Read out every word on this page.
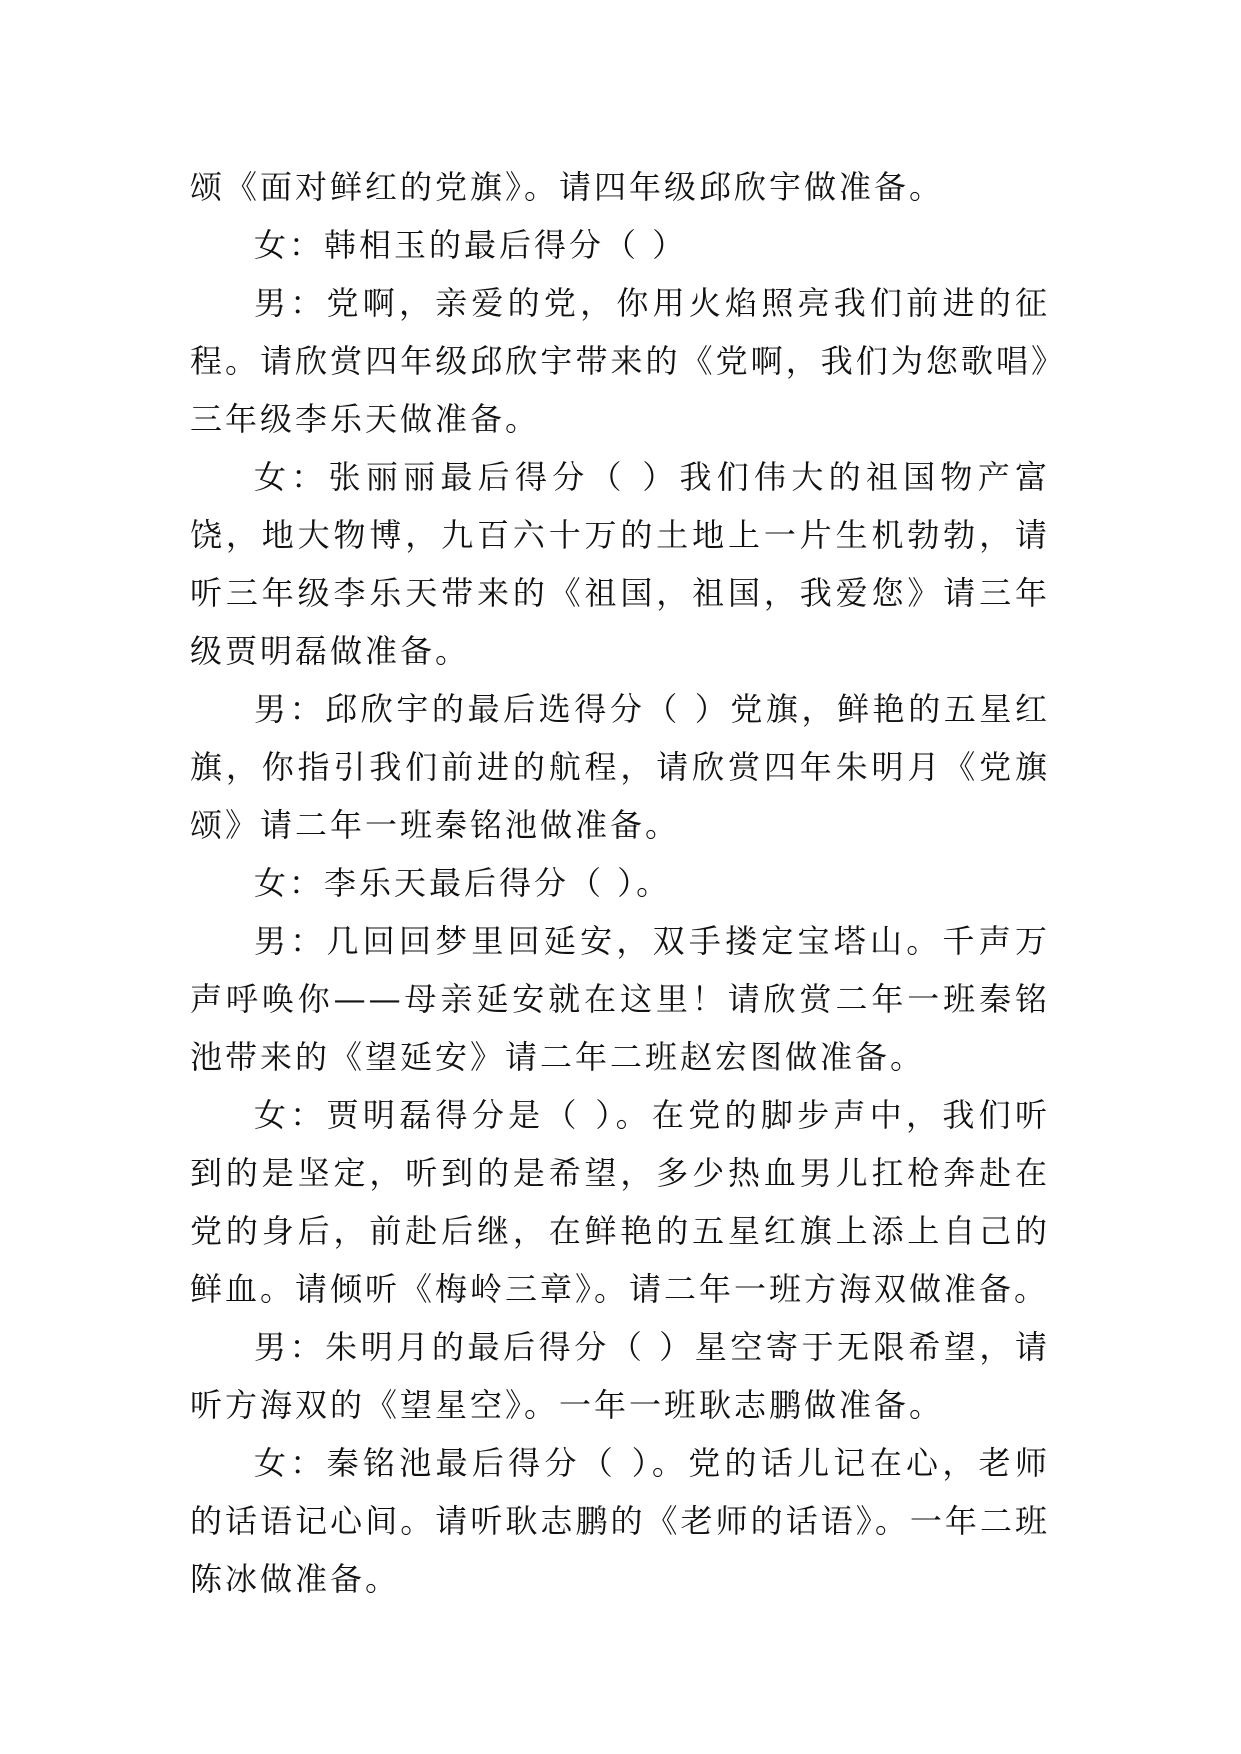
颂《面对鲜红的党旗》。请四年级邱欣宇做准备。

女：韩相玉的最后得分（ ）

男：党啊，亲爱的党，你用火焰照亮我们前进的征程。请欣赏四年级邱欣宇带来的《党啊，我们为您歌唱》三年级李乐天做准备。

女：张丽丽最后得分（ ）我们伟大的祖国物产富饶，地大物博，九百六十万的土地上一片生机勃勃，请听三年级李乐天带来的《祖国，祖国，我爱您》请三年级贾明磊做准备。

男：邱欣宇的最后选得分（ ）党旗，鲜艳的五星红旗，你指引我们前进的航程，请欣赏四年朱明月《党旗颂》请二年一班秦铭池做准备。

女：李乐天最后得分（ ）。

男：几回回梦里回延安，双手搂定宝塔山。千声万声呼唤你——母亲延安就在这里！请欣赏二年一班秦铭池带来的《望延安》请二年二班赵宏图做准备。

女：贾明磊得分是（ ）。在党的脚步声中，我们听到的是坚定，听到的是希望，多少热血男儿扛枪奔赴在党的身后，前赴后继，在鲜艳的五星红旗上添上自己的鲜血。请倾听《梅岭三章》。请二年一班方海双做准备。

男：朱明月的最后得分（ ）星空寄于无限希望，请听方海双的《望星空》。一年一班耿志鹏做准备。

女：秦铭池最后得分（ ）。党的话儿记在心，老师的话语记心间。请听耿志鹏的《老师的话语》。一年二班陈冰做准备。
